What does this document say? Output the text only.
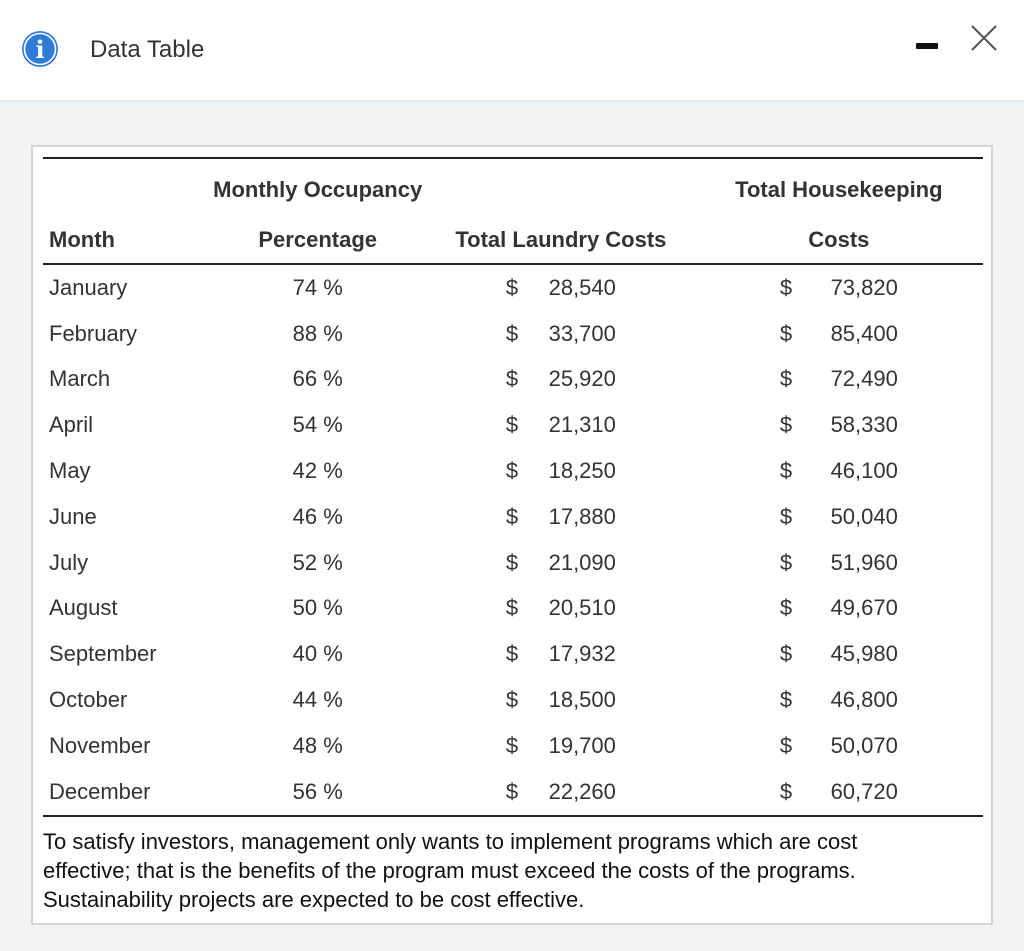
i Data Table
	Monthly Occupancy		Total Housekeeping
Month	Percentage	Total Laundry Costs	Costs
January	74 %	$ 28,540	$ 73,820
February	88 %	$ 33,700	$ 85,400
March	66 %	$ 25,920	$ 72,490
April	54 %	$ 21,310	$ 58,330
May	42 %	$ 18,250	$ 46,100
June	46 %	$ 17,880	$ 50,040
July	52 %	$ 21,090	$ 51,960
August	50 %	$ 20,510	$ 49,670
September	40 %	$ 17,932	$ 45,980
October	44 %	$ 18,500	$ 46,800
November	48 %	$ 19,700	$ 50,070
December	56 %	$ 22,260	$ 60,720
To satisfy investors, management only wants to implement programs which are cost
effective; that is the benefits of the program must exceed the costs of the programs.
Sustainability projects are expected to be cost effective.
